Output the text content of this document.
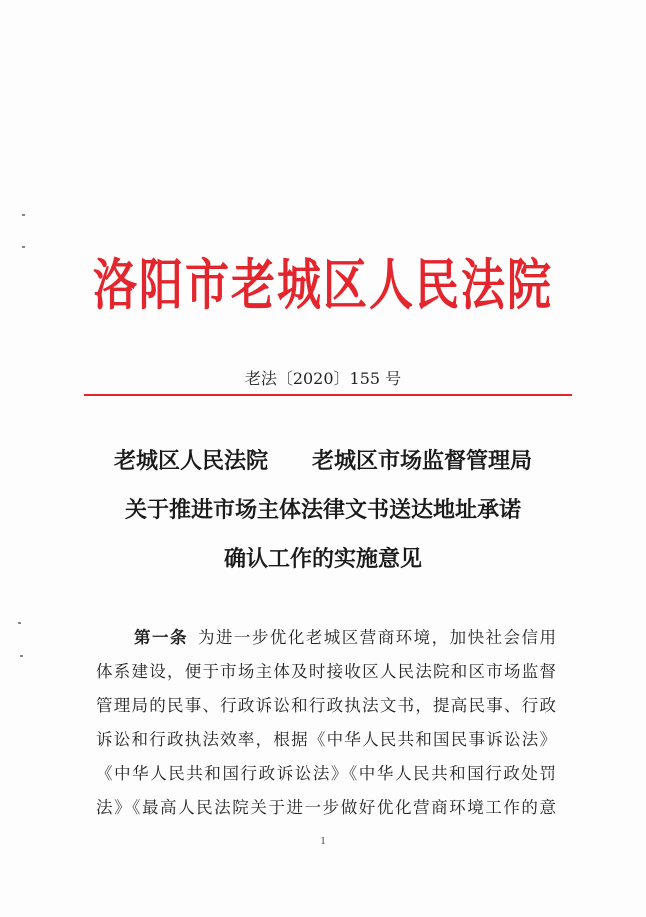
洛阳市老城区人民法院
老法〔2020〕155 号
老城区人民法院　　老城区市场监督管理局
关于推进市场主体法律文书送达地址承诺
确认工作的实施意见
第一条 为进一步优化老城区营商环境，加快社会信用
体系建设，便于市场主体及时接收区人民法院和区市场监督
管理局的民事、行政诉讼和行政执法文书，提高民事、行政
诉讼和行政执法效率，根据《中华人民共和国民事诉讼法》
《中华人民共和国行政诉讼法》《中华人民共和国行政处罚
法》《最高人民法院关于进一步做好优化营商环境工作的意
1
